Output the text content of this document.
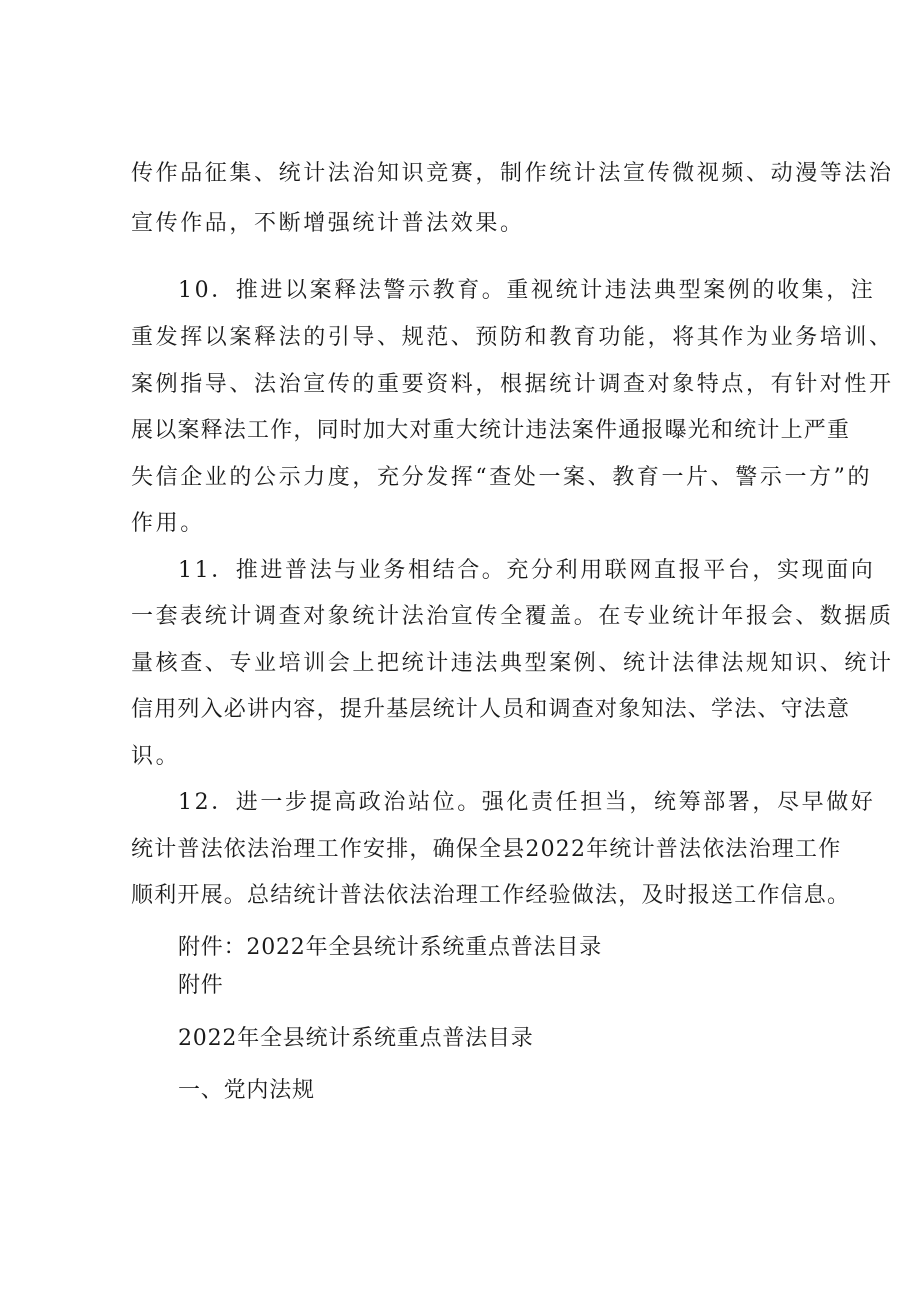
传作品征集、统计法治知识竞赛，制作统计法宣传微视频、动漫等法治
宣传作品，不断增强统计普法效果。
10．推进以案释法警示教育。重视统计违法典型案例的收集，注
重发挥以案释法的引导、规范、预防和教育功能，将其作为业务培训、
案例指导、法治宣传的重要资料，根据统计调查对象特点，有针对性开
展以案释法工作，同时加大对重大统计违法案件通报曝光和统计上严重
失信企业的公示力度，充分发挥“查处一案、教育一片、警示一方”的
作用。
11．推进普法与业务相结合。充分利用联网直报平台，实现面向
一套表统计调查对象统计法治宣传全覆盖。在专业统计年报会、数据质
量核查、专业培训会上把统计违法典型案例、统计法律法规知识、统计
信用列入必讲内容，提升基层统计人员和调查对象知法、学法、守法意
识。
12．进一步提高政治站位。强化责任担当，统筹部署，尽早做好
统计普法依法治理工作安排，确保全县2022年统计普法依法治理工作
顺利开展。总结统计普法依法治理工作经验做法，及时报送工作信息。
附件：2022年全县统计系统重点普法目录
附件
2022年全县统计系统重点普法目录
一、党内法规
